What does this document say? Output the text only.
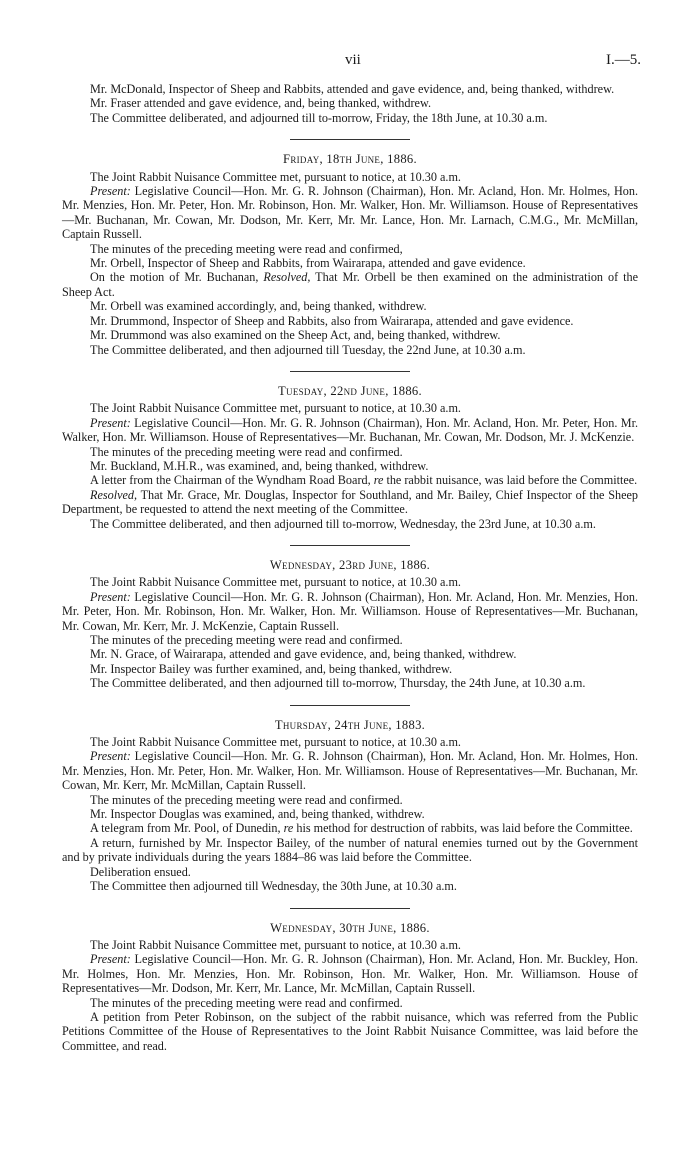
vii	I.—5.

Mr. McDonald, Inspector of Sheep and Rabbits, attended and gave evidence, and, being thanked, withdrew.

Mr. Fraser attended and gave evidence, and, being thanked, withdrew.

The Committee deliberated, and adjourned till to-morrow, Friday, the 18th June, at 10.30 a.m.

Friday, 18th June, 1886.

The Joint Rabbit Nuisance Committee met, pursuant to notice, at 10.30 a.m.

Present: Legislative Council—Hon. Mr. G. R. Johnson (Chairman), Hon. Mr. Acland, Hon. Mr. Holmes, Hon. Mr. Menzies, Hon. Mr. Peter, Hon. Mr. Robinson, Hon. Mr. Walker, Hon. Mr. Williamson. House of Representatives—Mr. Buchanan, Mr. Cowan, Mr. Dodson, Mr. Kerr, Mr. Mr. Lance, Hon. Mr. Larnach, C.M.G., Mr. McMillan, Captain Russell.

The minutes of the preceding meeting were read and confirmed,

Mr. Orbell, Inspector of Sheep and Rabbits, from Wairarapa, attended and gave evidence.

On the motion of Mr. Buchanan, Resolved, That Mr. Orbell be then examined on the administration of the Sheep Act.

Mr. Orbell was examined accordingly, and, being thanked, withdrew.

Mr. Drummond, Inspector of Sheep and Rabbits, also from Wairarapa, attended and gave evidence.

Mr. Drummond was also examined on the Sheep Act, and, being thanked, withdrew.

The Committee deliberated, and then adjourned till Tuesday, the 22nd June, at 10.30 a.m.

Tuesday, 22nd June, 1886.

The Joint Rabbit Nuisance Committee met, pursuant to notice, at 10.30 a.m.

Present: Legislative Council—Hon. Mr. G. R. Johnson (Chairman), Hon. Mr. Acland, Hon. Mr. Peter, Hon. Mr. Walker, Hon. Mr. Williamson. House of Representatives—Mr. Buchanan, Mr. Cowan, Mr. Dodson, Mr. J. McKenzie.

The minutes of the preceding meeting were read and confirmed.

Mr. Buckland, M.H.R., was examined, and, being thanked, withdrew.

A letter from the Chairman of the Wyndham Road Board, re the rabbit nuisance, was laid before the Committee.

Resolved, That Mr. Grace, Mr. Douglas, Inspector for Southland, and Mr. Bailey, Chief Inspector of the Sheep Department, be requested to attend the next meeting of the Committee.

The Committee deliberated, and then adjourned till to-morrow, Wednesday, the 23rd June, at 10.30 a.m.

Wednesday, 23rd June, 1886.

The Joint Rabbit Nuisance Committee met, pursuant to notice, at 10.30 a.m.

Present: Legislative Council—Hon. Mr. G. R. Johnson (Chairman), Hon. Mr. Acland, Hon. Mr. Menzies, Hon. Mr. Peter, Hon. Mr. Robinson, Hon. Mr. Walker, Hon. Mr. Williamson. House of Representatives—Mr. Buchanan, Mr. Cowan, Mr. Kerr, Mr. J. McKenzie, Captain Russell.

The minutes of the preceding meeting were read and confirmed.

Mr. N. Grace, of Wairarapa, attended and gave evidence, and, being thanked, withdrew.

Mr. Inspector Bailey was further examined, and, being thanked, withdrew.

The Committee deliberated, and then adjourned till to-morrow, Thursday, the 24th June, at 10.30 a.m.

Thursday, 24th June, 1883.

The Joint Rabbit Nuisance Committee met, pursuant to notice, at 10.30 a.m.

Present: Legislative Council—Hon. Mr. G. R. Johnson (Chairman), Hon. Mr. Acland, Hon. Mr. Holmes, Hon. Mr. Menzies, Hon. Mr. Peter, Hon. Mr. Walker, Hon. Mr. Williamson. House of Representatives—Mr. Buchanan, Mr. Cowan, Mr. Kerr, Mr. McMillan, Captain Russell.

The minutes of the preceding meeting were read and confirmed.

Mr. Inspector Douglas was examined, and, being thanked, withdrew.

A telegram from Mr. Pool, of Dunedin, re his method for destruction of rabbits, was laid before the Committee.

A return, furnished by Mr. Inspector Bailey, of the number of natural enemies turned out by the Government and by private individuals during the years 1884–86 was laid before the Committee.

Deliberation ensued.

The Committee then adjourned till Wednesday, the 30th June, at 10.30 a.m.

Wednesday, 30th June, 1886.

The Joint Rabbit Nuisance Committee met, pursuant to notice, at 10.30 a.m.

Present: Legislative Council—Hon. Mr. G. R. Johnson (Chairman), Hon. Mr. Acland, Hon. Mr. Buckley, Hon. Mr. Holmes, Hon. Mr. Menzies, Hon. Mr. Robinson, Hon. Mr. Walker, Hon. Mr. Williamson. House of Representatives—Mr. Dodson, Mr. Kerr, Mr. Lance, Mr. McMillan, Captain Russell.

The minutes of the preceding meeting were read and confirmed.

A petition from Peter Robinson, on the subject of the rabbit nuisance, which was referred from the Public Petitions Committee of the House of Representatives to the Joint Rabbit Nuisance Committee, was laid before the Committee, and read.
